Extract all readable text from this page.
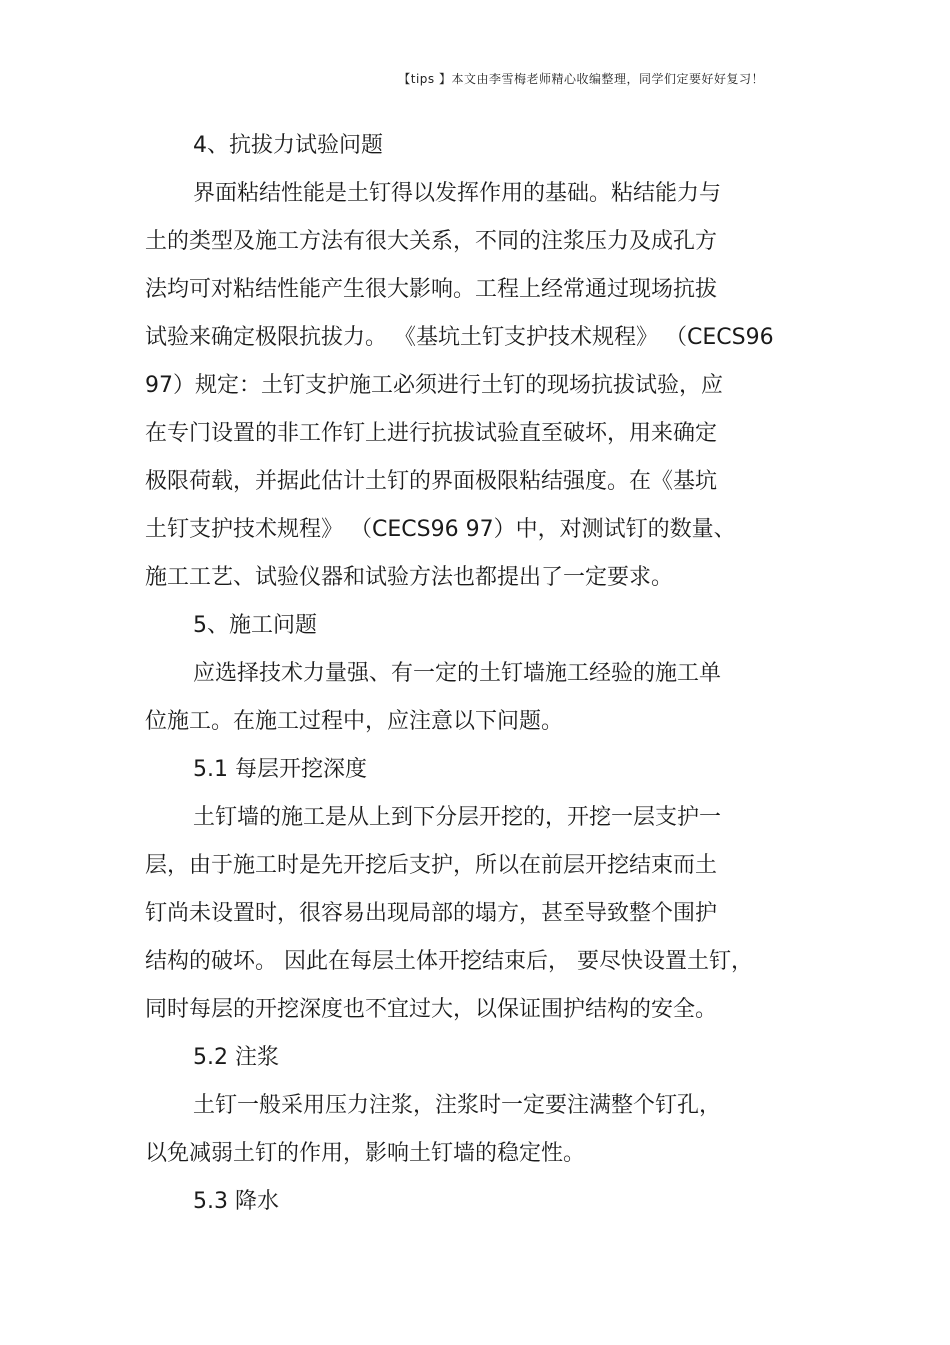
【tips 】本文由李雪梅老师精心收编整理，同学们定要好好复习！
4、抗拔力试验问题
界面粘结性能是土钉得以发挥作用的基础。粘结能力与
土的类型及施工方法有很大关系，不同的注浆压力及成孔方
法均可对粘结性能产生很大影响。工程上经常通过现场抗拔
试验来确定极限抗拔力。 《基坑土钉支护技术规程》 （CECS96
97）规定：土钉支护施工必须进行土钉的现场抗拔试验，应
在专门设置的非工作钉上进行抗拔试验直至破坏，用来确定
极限荷载，并据此估计土钉的界面极限粘结强度。在《基坑
土钉支护技术规程》 （CECS96 97）中，对测试钉的数量、
施工工艺、试验仪器和试验方法也都提出了一定要求。
5、施工问题
应选择技术力量强、有一定的土钉墙施工经验的施工单
位施工。在施工过程中，应注意以下问题。
5.1 每层开挖深度
土钉墙的施工是从上到下分层开挖的，开挖一层支护一
层，由于施工时是先开挖后支护，所以在前层开挖结束而土
钉尚未设置时，很容易出现局部的塌方，甚至导致整个围护
结构的破坏。 因此在每层土体开挖结束后， 要尽快设置土钉，
同时每层的开挖深度也不宜过大，以保证围护结构的安全。
5.2 注浆
土钉一般采用压力注浆，注浆时一定要注满整个钉孔，
以免减弱土钉的作用，影响土钉墙的稳定性。
5.3 降水
